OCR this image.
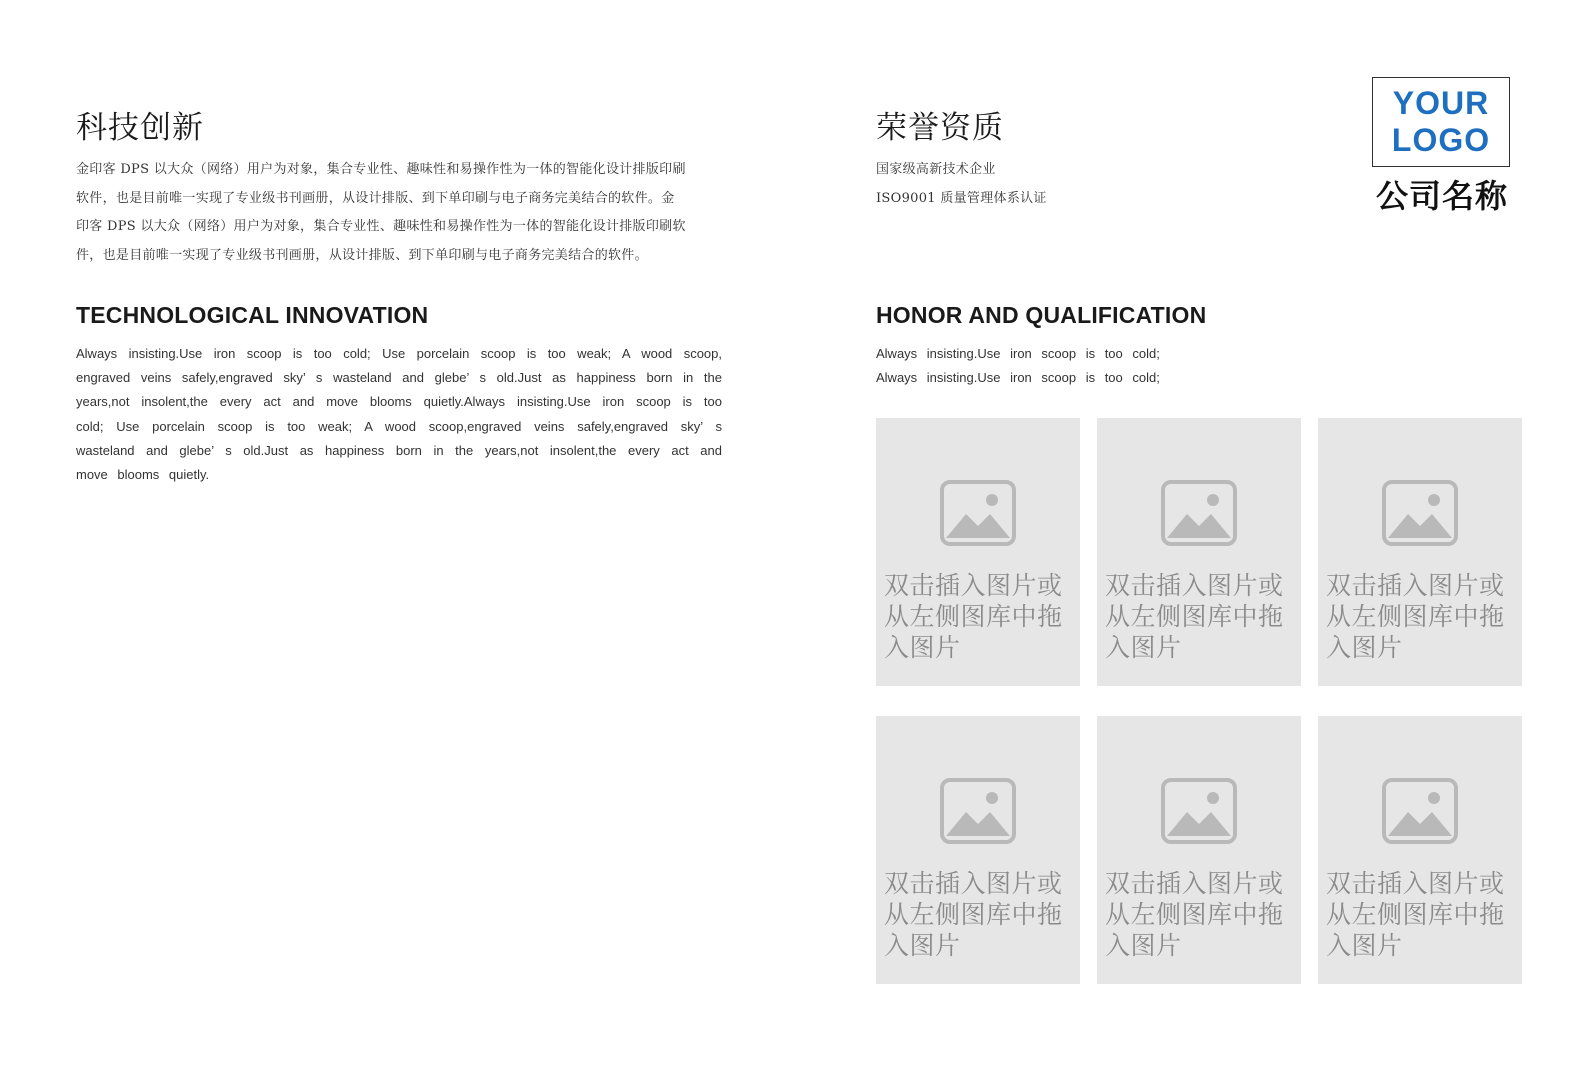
科技创新

金印客 DPS 以大众（网络）用户为对象，集合专业性、趣味性和易操作性为一体的智能化设计排版印刷
软件，也是目前唯一实现了专业级书刊画册，从设计排版、到下单印刷与电子商务完美结合的软件。金
印客 DPS 以大众（网络）用户为对象，集合专业性、趣味性和易操作性为一体的智能化设计排版印刷软
件，也是目前唯一实现了专业级书刊画册，从设计排版、到下单印刷与电子商务完美结合的软件。

TECHNOLOGICAL INNOVATION

Always insisting.Use iron scoop is too cold; Use porcelain scoop is too weak; A wood scoop, engraved veins safely,engraved sky’ s wasteland and glebe’ s old.Just as happiness born in the years,not insolent,the every act and move blooms quietly.Always insisting.Use iron scoop is too cold; Use porcelain scoop is too weak; A wood scoop,engraved veins safely,engraved sky’ s wasteland and glebe’ s old.Just as happiness born in the years,not insolent,the every act and move blooms quietly.

荣誉资质

国家级高新技术企业
ISO9001 质量管理体系认证

HONOR AND QUALIFICATION

Always insisting.Use iron scoop is too cold;
Always insisting.Use iron scoop is too cold;

YOUR
LOGO
公司名称
双击插入图片或从左侧图库中拖入图片
双击插入图片或从左侧图库中拖入图片
双击插入图片或从左侧图库中拖入图片
双击插入图片或从左侧图库中拖入图片
双击插入图片或从左侧图库中拖入图片
双击插入图片或从左侧图库中拖入图片
